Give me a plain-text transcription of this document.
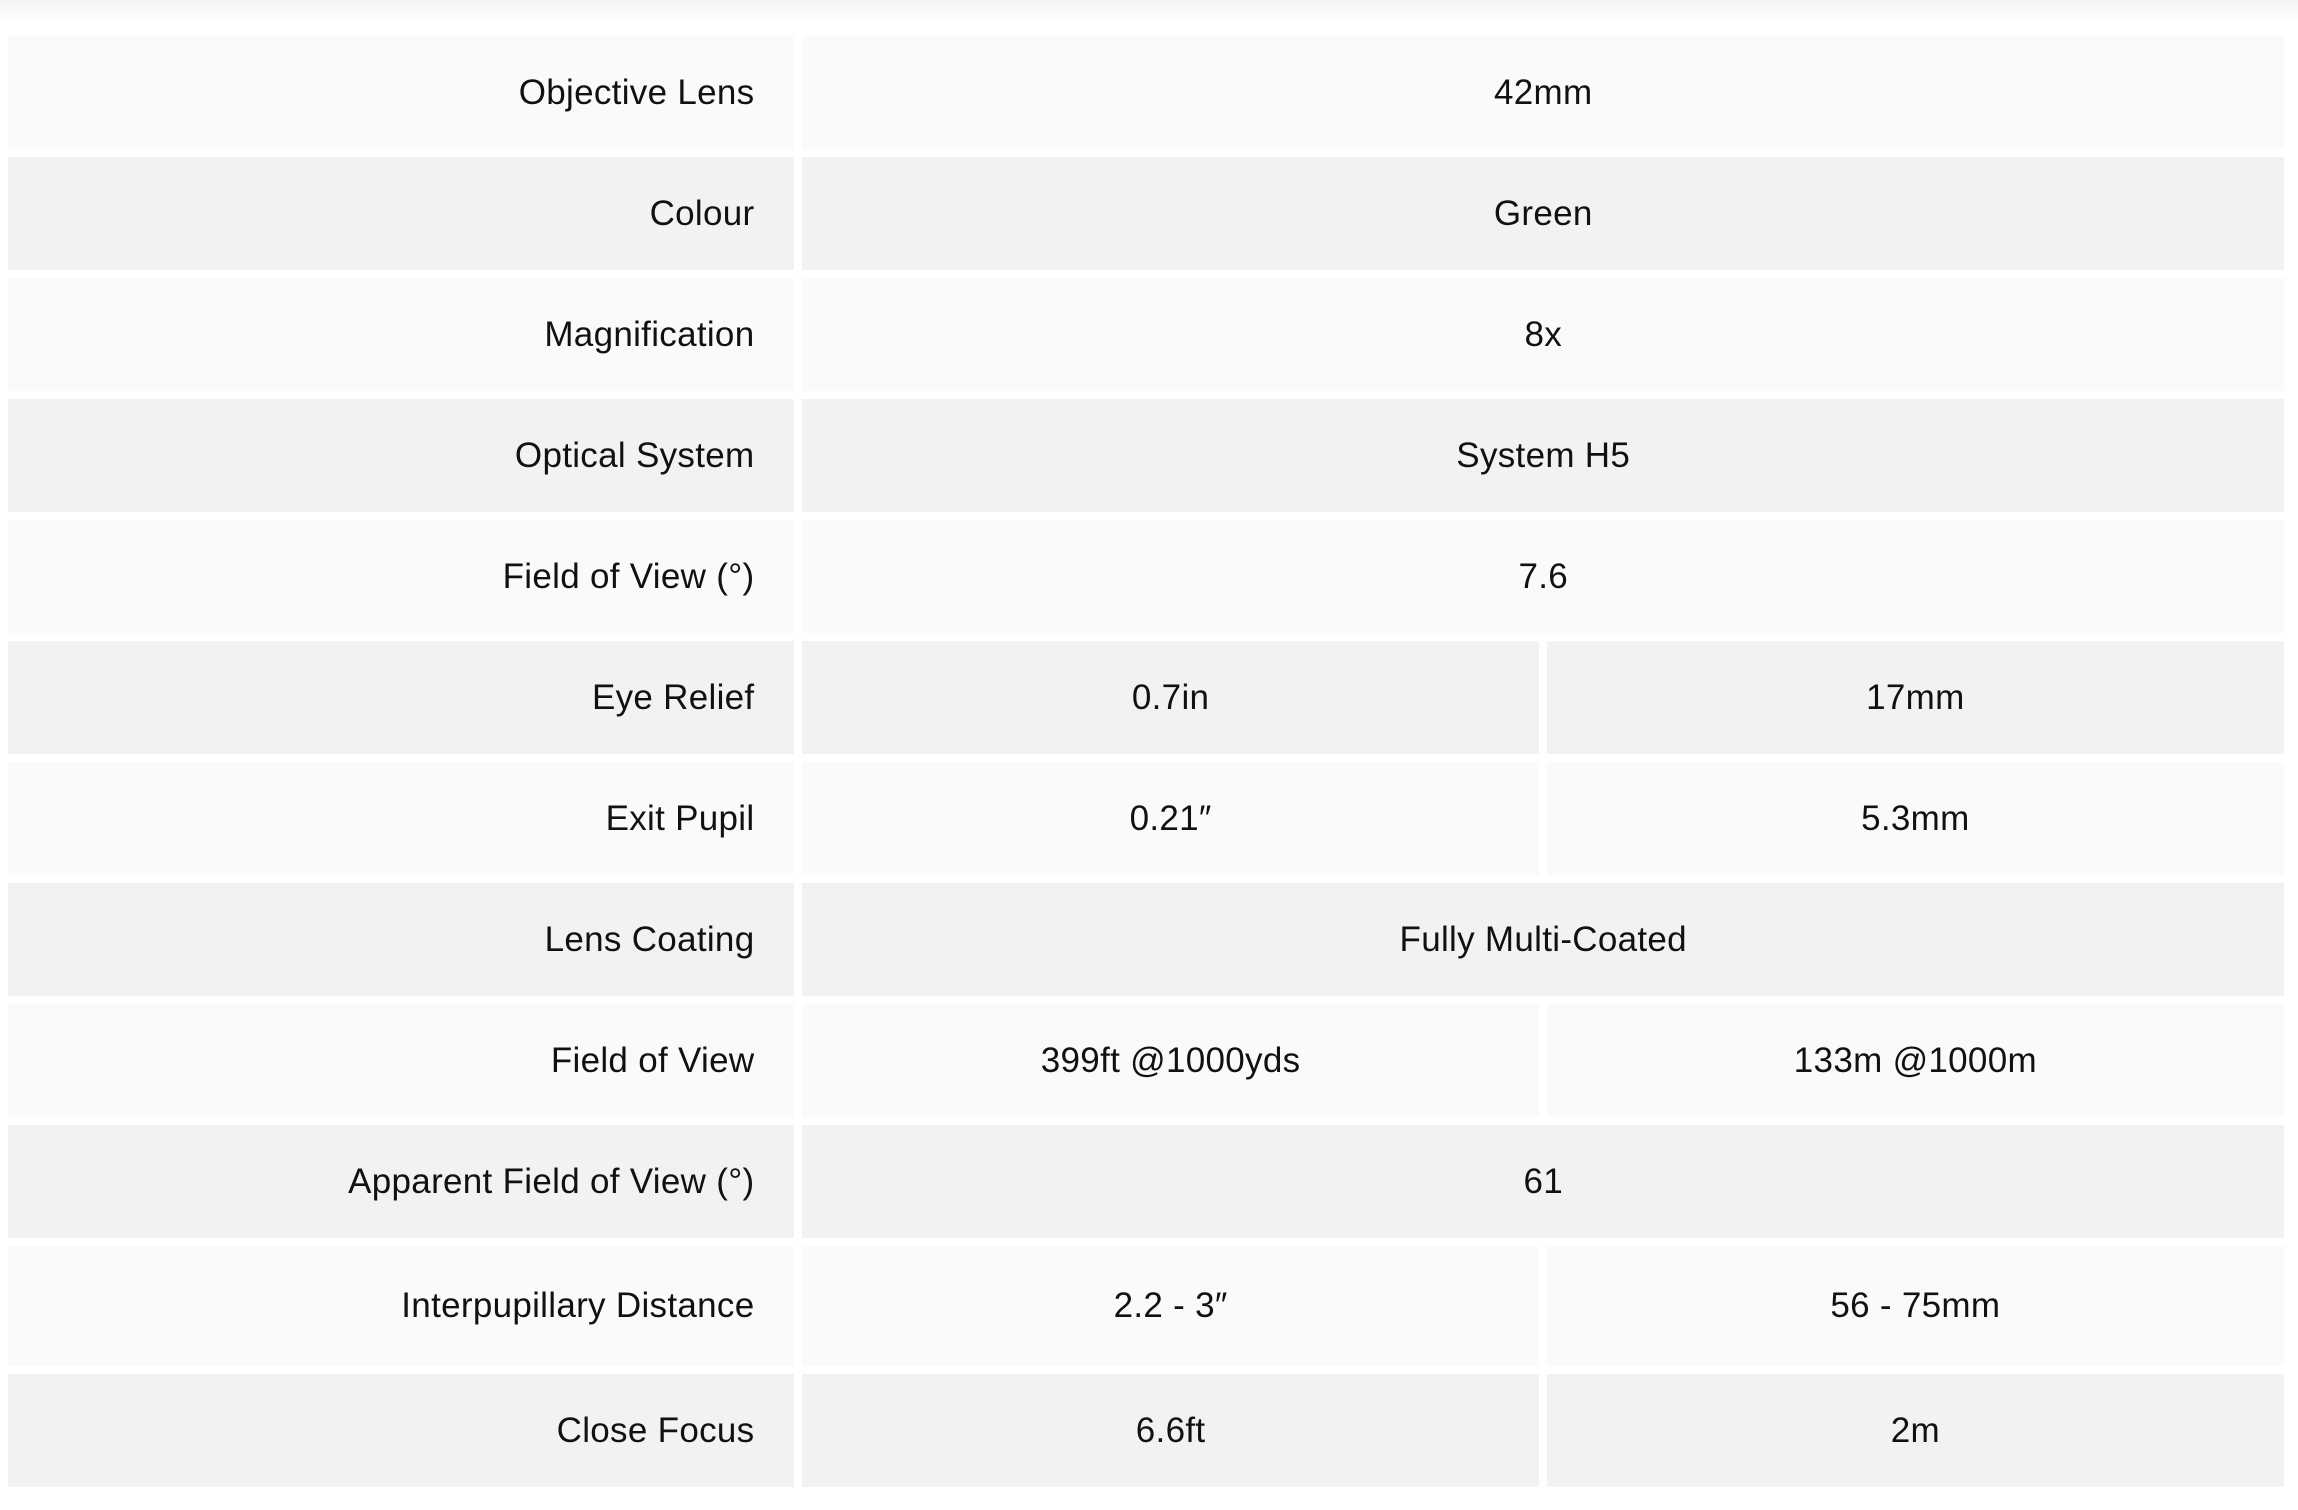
Objective Lens	42mm	
Colour	Green	
Magnification	8x	
Optical System	System H5	
Field of View (°)	7.6	
Eye Relief	0.7in	17mm
Exit Pupil	0.21″	5.3mm
Lens Coating	Fully Multi-Coated	
Field of View	399ft @1000yds	133m @1000m
Apparent Field of View (°)	61	
Interpupillary Distance	2.2 - 3″	56 - 75mm
Close Focus	6.6ft	2m
